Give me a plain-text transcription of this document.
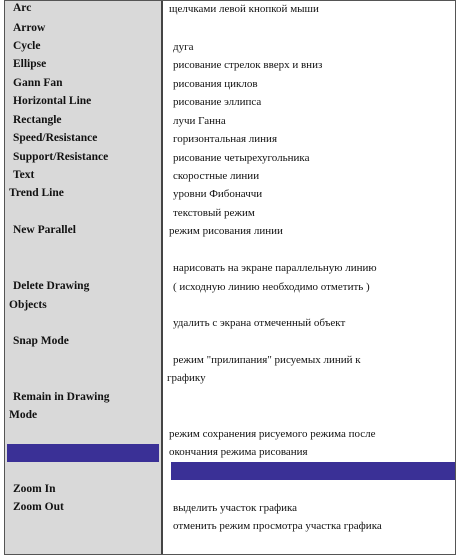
Arc
Arrow
Cycle
Ellipse
Gann Fan
Horizontal Line
Rectangle
Speed/Resistance
Support/Resistance
Text
Trend Line
New Parallel
Delete Drawing
Objects
Snap Mode
Remain in Drawing
Mode
Zoom In
Zoom Out
щелчками левой кнопкой мыши
дуга
рисование стрелок вверх и вниз
рисования циклов
рисование эллипса
лучи Ганна
горизонтальная линия
рисование четырехугольника
скоростные линии
уровни Фибоначчи
текстовый режим
режим рисования линии
нарисовать на экране параллельную линию
( исходную линию необходимо отметить )
удалить с экрана отмеченный объект
режим "прилипания" рисуемых линий к
графику
режим сохранения рисуемого режима после
окончания режима рисования
выделить участок графика
отменить режим просмотра участка графика
